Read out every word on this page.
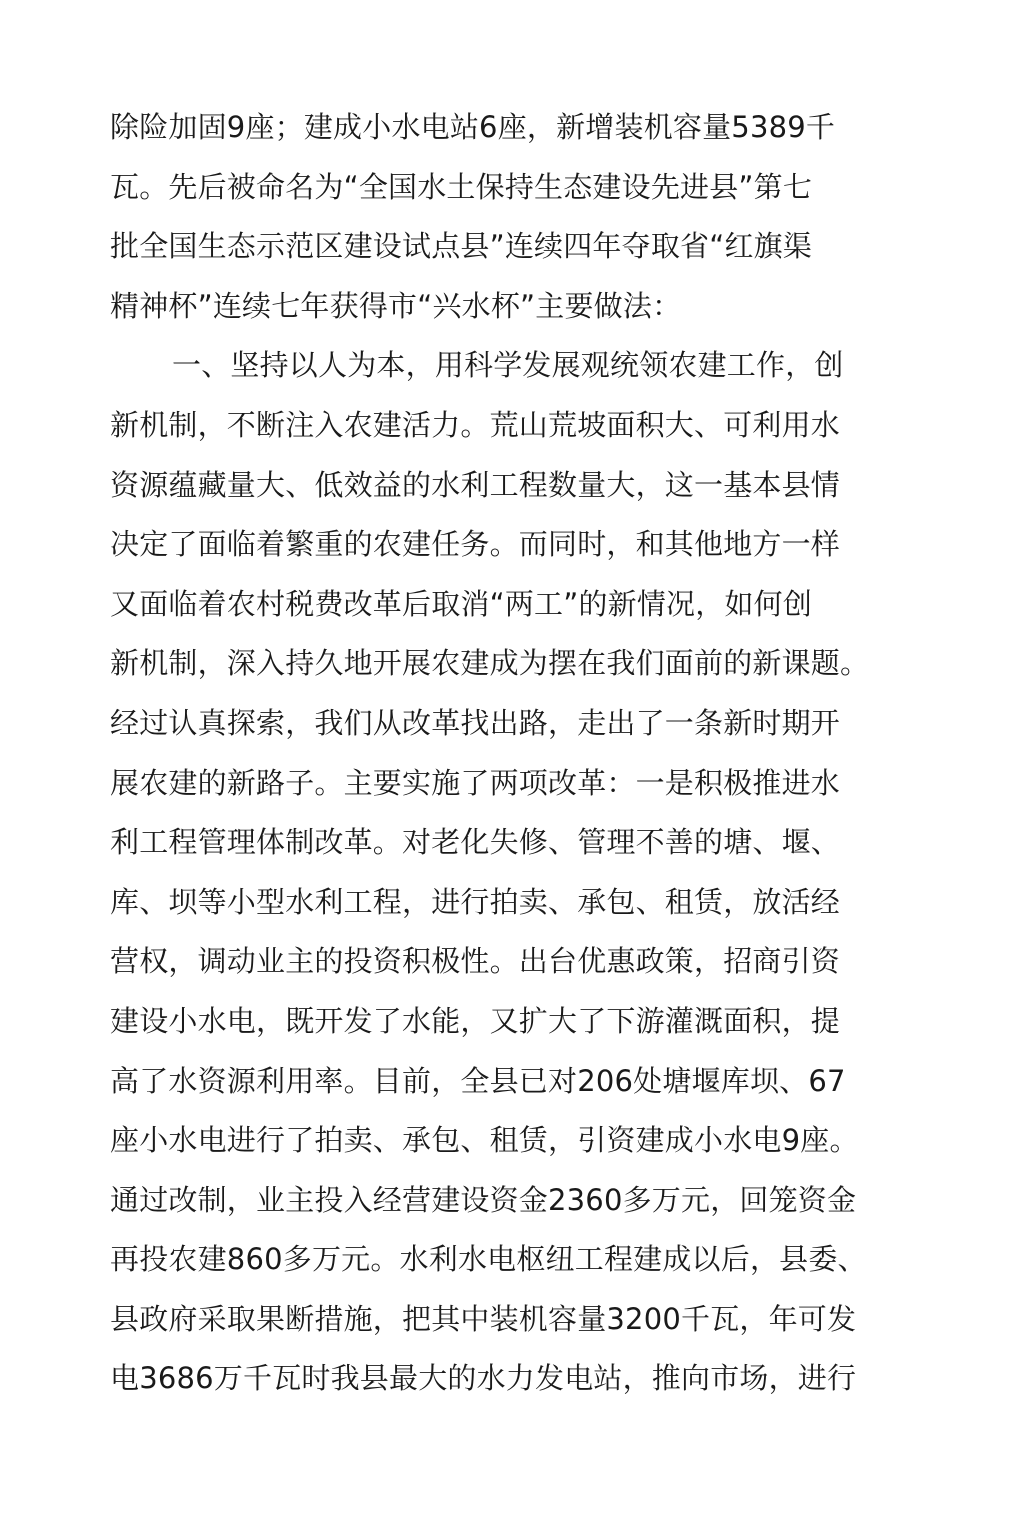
除险加固9座；建成小水电站6座，新增装机容量5389千
瓦。先后被命名为“全国水土保持生态建设先进县”第七
批全国生态示范区建设试点县”连续四年夺取省“红旗渠
精神杯”连续七年获得市“兴水杯”主要做法：
一、坚持以人为本，用科学发展观统领农建工作，创
新机制，不断注入农建活力。荒山荒坡面积大、可利用水
资源蕴藏量大、低效益的水利工程数量大，这一基本县情
决定了面临着繁重的农建任务。而同时，和其他地方一样
又面临着农村税费改革后取消“两工”的新情况，如何创
新机制，深入持久地开展农建成为摆在我们面前的新课题。
经过认真探索，我们从改革找出路，走出了一条新时期开
展农建的新路子。主要实施了两项改革：一是积极推进水
利工程管理体制改革。对老化失修、管理不善的塘、堰、
库、坝等小型水利工程，进行拍卖、承包、租赁，放活经
营权，调动业主的投资积极性。出台优惠政策，招商引资
建设小水电，既开发了水能，又扩大了下游灌溉面积，提
高了水资源利用率。目前，全县已对206处塘堰库坝、67
座小水电进行了拍卖、承包、租赁，引资建成小水电9座。
通过改制，业主投入经营建设资金2360多万元，回笼资金
再投农建860多万元。水利水电枢纽工程建成以后，县委、
县政府采取果断措施，把其中装机容量3200千瓦，年可发
电3686万千瓦时我县最大的水力发电站，推向市场，进行
